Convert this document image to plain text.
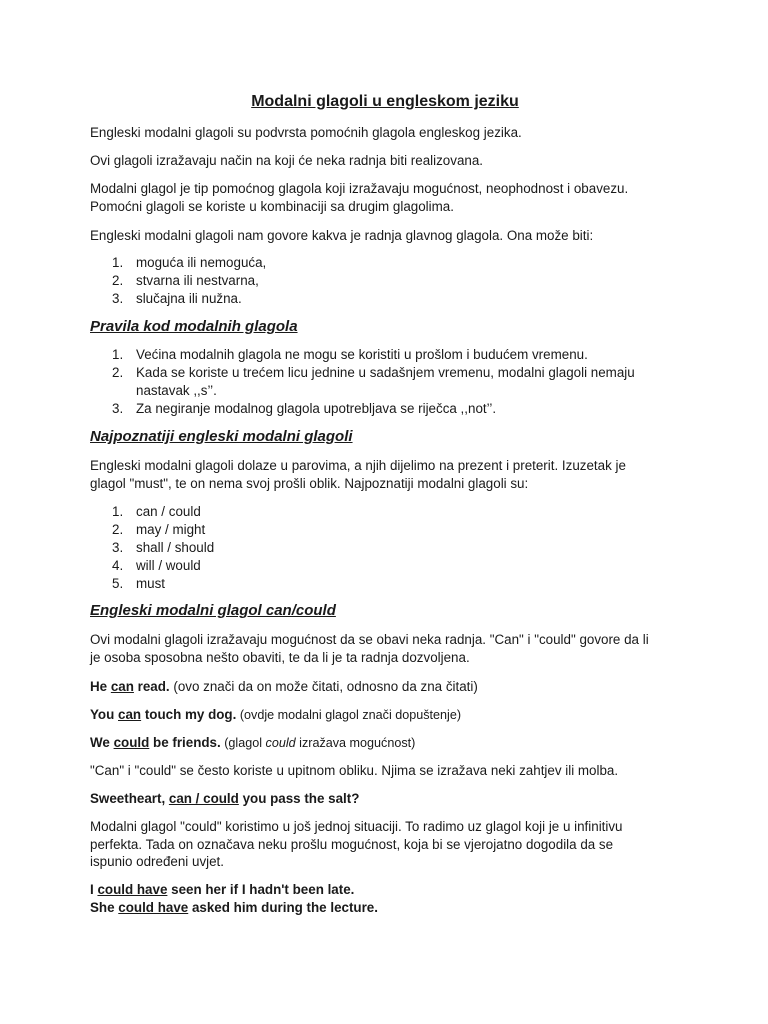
Modalni glagoli u engleskom jeziku

Engleski modalni glagoli su podvrsta pomoćnih glagola engleskog jezika.

Ovi glagoli izražavaju način na koji će neka radnja biti realizovana.

Modalni glagol je tip pomoćnog glagola koji izražavaju mogućnost, neophodnost i obavezu.

Pomoćni glagoli se koriste u kombinaciji sa drugim glagolima.

Engleski modalni glagoli nam govore kakva je radnja glavnog glagola. Ona može biti:

1. moguća ili nemoguća,
2. stvarna ili nestvarna,
3. slučajna ili nužna.

Pravila kod modalnih glagola

1. Većina modalnih glagola ne mogu se koristiti u prošlom i budućem vremenu.
2. Kada se koriste u trećem licu jednine u sadašnjem vremenu, modalni glagoli nemaju
nastavak ,,s’’.
3. Za negiranje modalnog glagola upotrebljava se riječca ,,not’’.

Najpoznatiji engleski modalni glagoli

Engleski modalni glagoli dolaze u parovima, a njih dijelimo na prezent i preterit. Izuzetak je

glagol "must", te on nema svoj prošli oblik. Najpoznatiji modalni glagoli su:

1. can / could
2. may / might
3. shall / should
4. will / would
5. must

Engleski modalni glagol can/could

Ovi modalni glagoli izražavaju mogućnost da se obavi neka radnja. "Can" i "could" govore da li

je osoba sposobna nešto obaviti, te da li je ta radnja dozvoljena.

He can read. (ovo znači da on može čitati, odnosno da zna čitati)

You can touch my dog. (ovdje modalni glagol znači dopuštenje)

We could be friends. (glagol could izražava mogućnost)

"Can" i "could" se često koriste u upitnom obliku. Njima se izražava neki zahtjev ili molba.

Sweetheart, can / could you pass the salt?

Modalni glagol "could" koristimo u još jednoj situaciji. To radimo uz glagol koji je u infinitivu

perfekta. Tada on označava neku prošlu mogućnost, koja bi se vjerojatno dogodila da se

ispunio određeni uvjet.

I could have seen her if I hadn't been late.

She could have asked him during the lecture.
